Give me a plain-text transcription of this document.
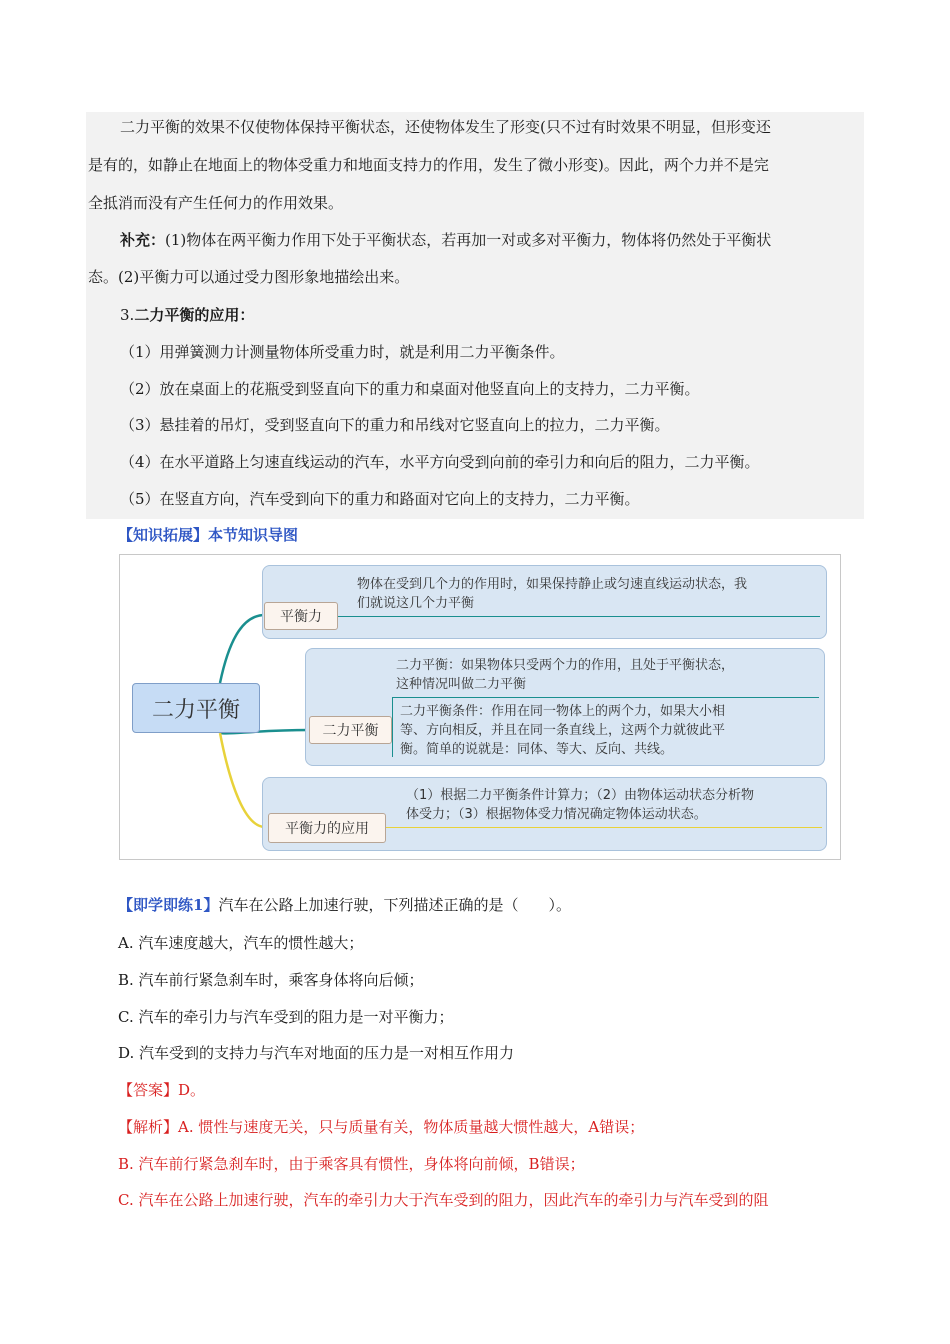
二力平衡的效果不仅使物体保持平衡状态，还使物体发生了形变(只不过有时效果不明显，但形变还
是有的，如静止在地面上的物体受重力和地面支持力的作用，发生了微小形变)。因此，两个力并不是完
全抵消而没有产生任何力的作用效果。
补充：(1)物体在两平衡力作用下处于平衡状态，若再加一对或多对平衡力，物体将仍然处于平衡状
态。(2)平衡力可以通过受力图形象地描绘出来。
3.二力平衡的应用：
（1）用弹簧测力计测量物体所受重力时，就是利用二力平衡条件。
（2）放在桌面上的花瓶受到竖直向下的重力和桌面对他竖直向上的支持力，二力平衡。
（3）悬挂着的吊灯，受到竖直向下的重力和吊线对它竖直向上的拉力，二力平衡。
（4）在水平道路上匀速直线运动的汽车，水平方向受到向前的牵引力和向后的阻力，二力平衡。
（5）在竖直方向，汽车受到向下的重力和路面对它向上的支持力，二力平衡。
【知识拓展】本节知识导图
二力平衡
物体在受到几个力的作用时，如果保持静止或匀速直线运动状态，我
们就说这几个力平衡
平衡力
二力平衡：如果物体只受两个力的作用，且处于平衡状态，
这种情况叫做二力平衡
二力平衡条件：作用在同一物体上的两个力，如果大小相
等、方向相反，并且在同一条直线上，这两个力就彼此平
衡。简单的说就是：同体、等大、反向、共线。
二力平衡
（1）根据二力平衡条件计算力；（2）由物体运动状态分析物
体受力；（3）根据物体受力情况确定物体运动状态。
平衡力的应用
【即学即练1】汽车在公路上加速行驶，下列描述正确的是（　　）。
A. 汽车速度越大，汽车的惯性越大；
B. 汽车前行紧急刹车时，乘客身体将向后倾；
C. 汽车的牵引力与汽车受到的阻力是一对平衡力；
D. 汽车受到的支持力与汽车对地面的压力是一对相互作用力
【答案】D。
【解析】A. 惯性与速度无关，只与质量有关，物体质量越大惯性越大，A错误；
B. 汽车前行紧急刹车时，由于乘客具有惯性，身体将向前倾，B错误；
C. 汽车在公路上加速行驶，汽车的牵引力大于汽车受到的阻力，因此汽车的牵引力与汽车受到的阻
